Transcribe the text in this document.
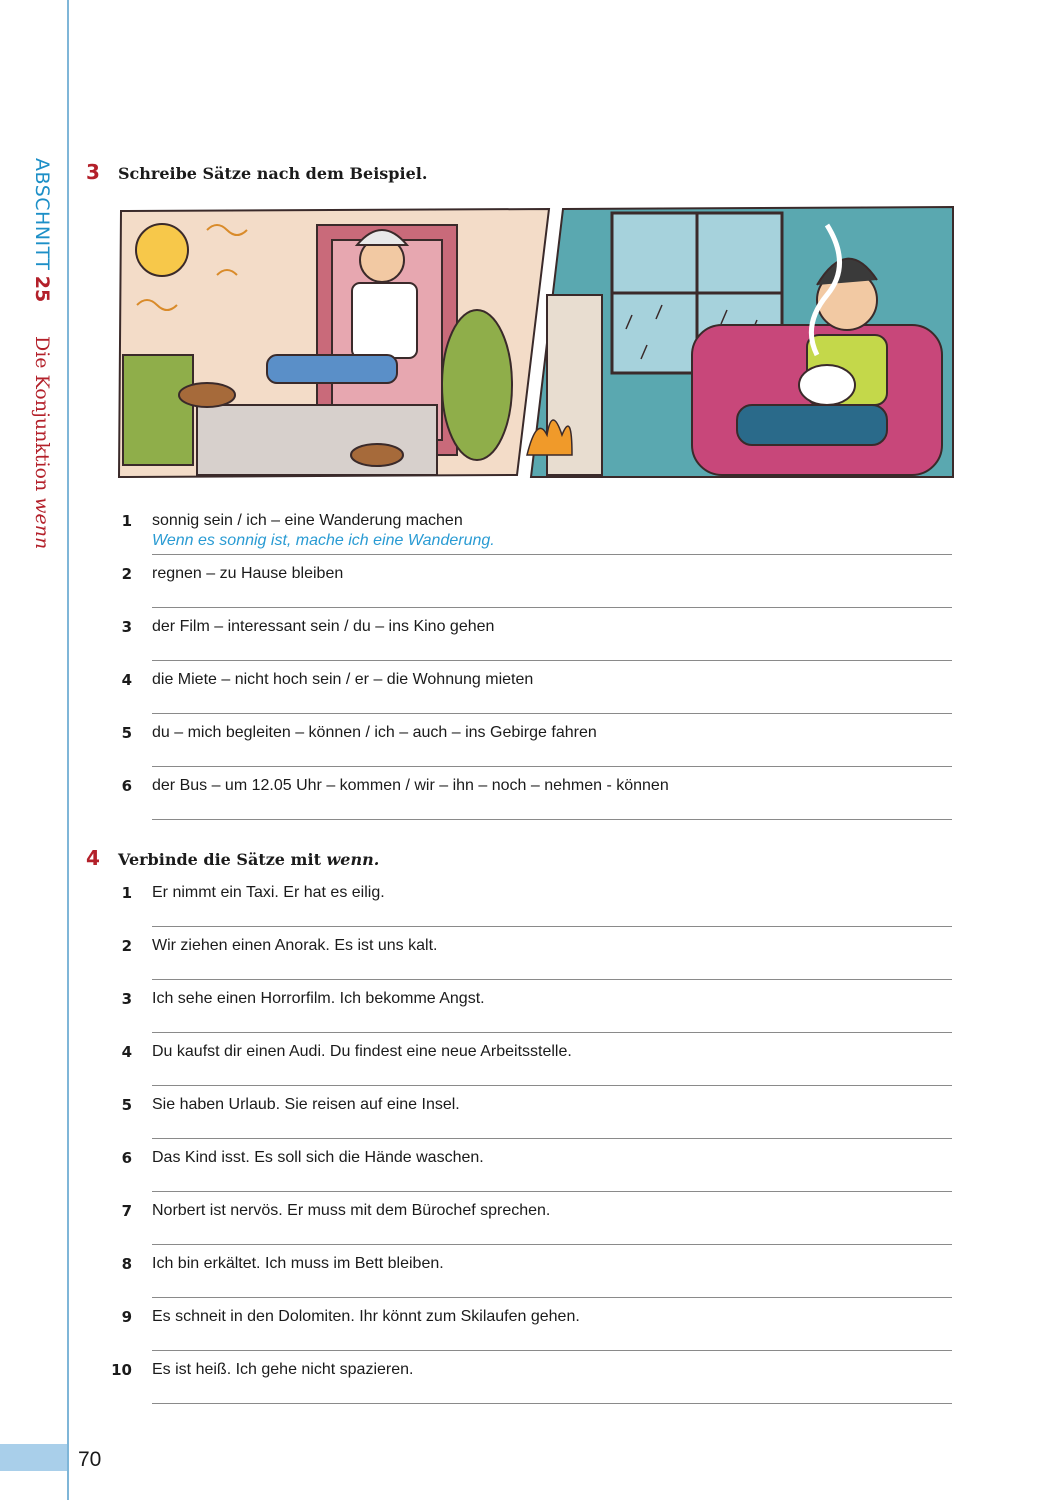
ABSCHNITT 25 Die Konjunktion wenn
3 Schreibe Sätze nach dem Beispiel.
1 sonnig sein / ich – eine Wanderung machen
Wenn es sonnig ist, mache ich eine Wanderung.
2 regnen – zu Hause bleiben
3 der Film – interessant sein / du – ins Kino gehen
4 die Miete – nicht hoch sein / er – die Wohnung mieten
5 du – mich begleiten – können / ich – auch – ins Gebirge fahren
6 der Bus – um 12.05 Uhr – kommen / wir – ihn – noch – nehmen - können
4 Verbinde die Sätze mit wenn.
1 Er nimmt ein Taxi. Er hat es eilig.
2 Wir ziehen einen Anorak. Es ist uns kalt.
3 Ich sehe einen Horrorfilm. Ich bekomme Angst.
4 Du kaufst dir einen Audi. Du findest eine neue Arbeitsstelle.
5 Sie haben Urlaub. Sie reisen auf eine Insel.
6 Das Kind isst. Es soll sich die Hände waschen.
7 Norbert ist nervös. Er muss mit dem Bürochef sprechen.
8 Ich bin erkältet. Ich muss im Bett bleiben.
9 Es schneit in den Dolomiten. Ihr könnt zum Skilaufen gehen.
10 Es ist heiß. Ich gehe nicht spazieren.
70
